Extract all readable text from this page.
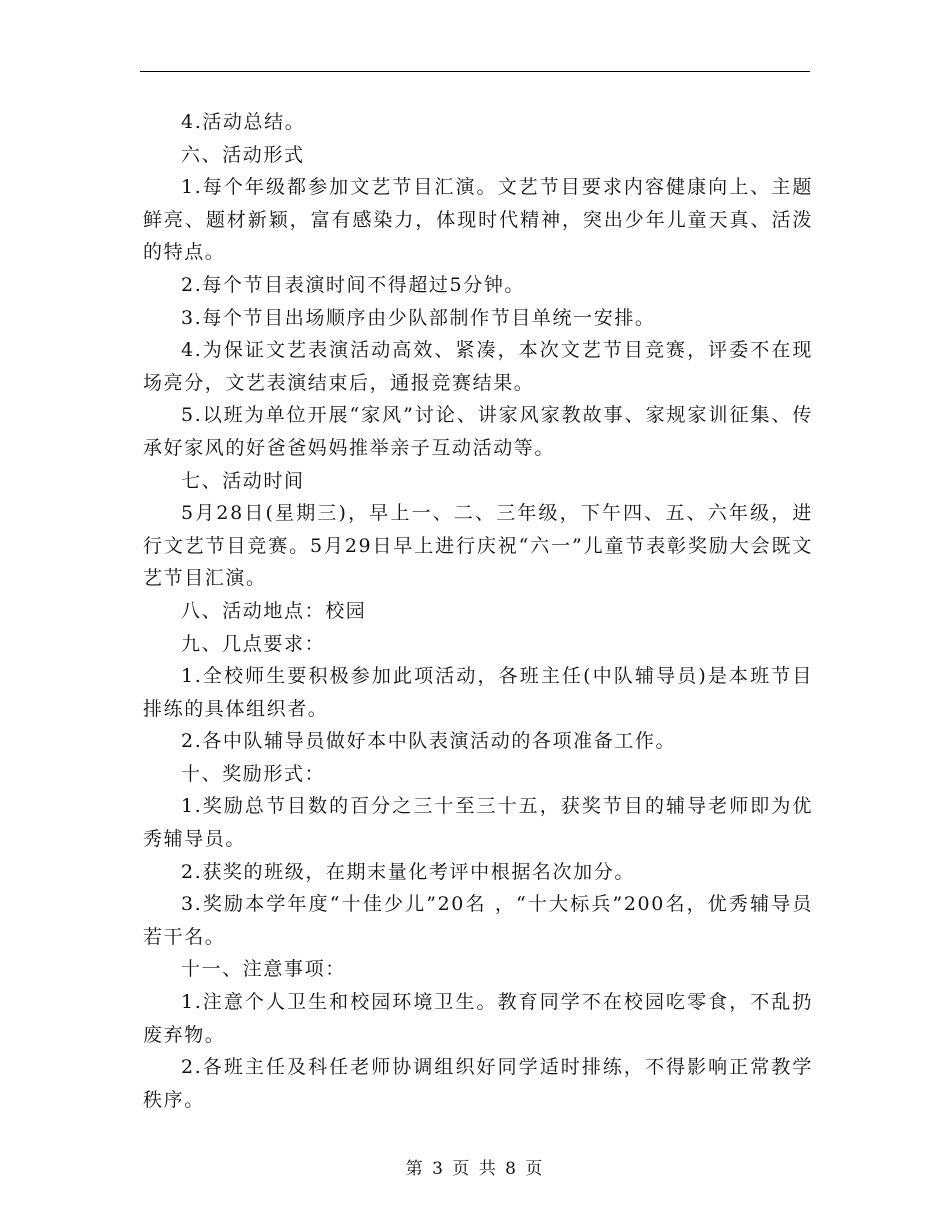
4.活动总结。

六、活动形式

1.每个年级都参加文艺节目汇演。文艺节目要求内容健康向上、主题鲜亮、题材新颖，富有感染力，体现时代精神，突出少年儿童天真、活泼的特点。

2.每个节目表演时间不得超过5分钟。

3.每个节目出场顺序由少队部制作节目单统一安排。

4.为保证文艺表演活动高效、紧凑，本次文艺节目竞赛，评委不在现场亮分，文艺表演结束后，通报竞赛结果。

5.以班为单位开展“家风”讨论、讲家风家教故事、家规家训征集、传承好家风的好爸爸妈妈推举亲子互动活动等。

七、活动时间

5月28日(星期三)，早上一、二、三年级，下午四、五、六年级，进行文艺节目竞赛。5月29日早上进行庆祝“六一”儿童节表彰奖励大会既文艺节目汇演。

八、活动地点：校园

九、几点要求：

1.全校师生要积极参加此项活动，各班主任(中队辅导员)是本班节目排练的具体组织者。

2.各中队辅导员做好本中队表演活动的各项准备工作。

十、奖励形式：

1.奖励总节目数的百分之三十至三十五，获奖节目的辅导老师即为优秀辅导员。

2.获奖的班级，在期末量化考评中根据名次加分。

3.奖励本学年度“十佳少儿”20名 ，“十大标兵”200名，优秀辅导员若干名。

十一、注意事项：

1.注意个人卫生和校园环境卫生。教育同学不在校园吃零食，不乱扔废弃物。

2.各班主任及科任老师协调组织好同学适时排练，不得影响正常教学秩序。

第 3 页 共 8 页
